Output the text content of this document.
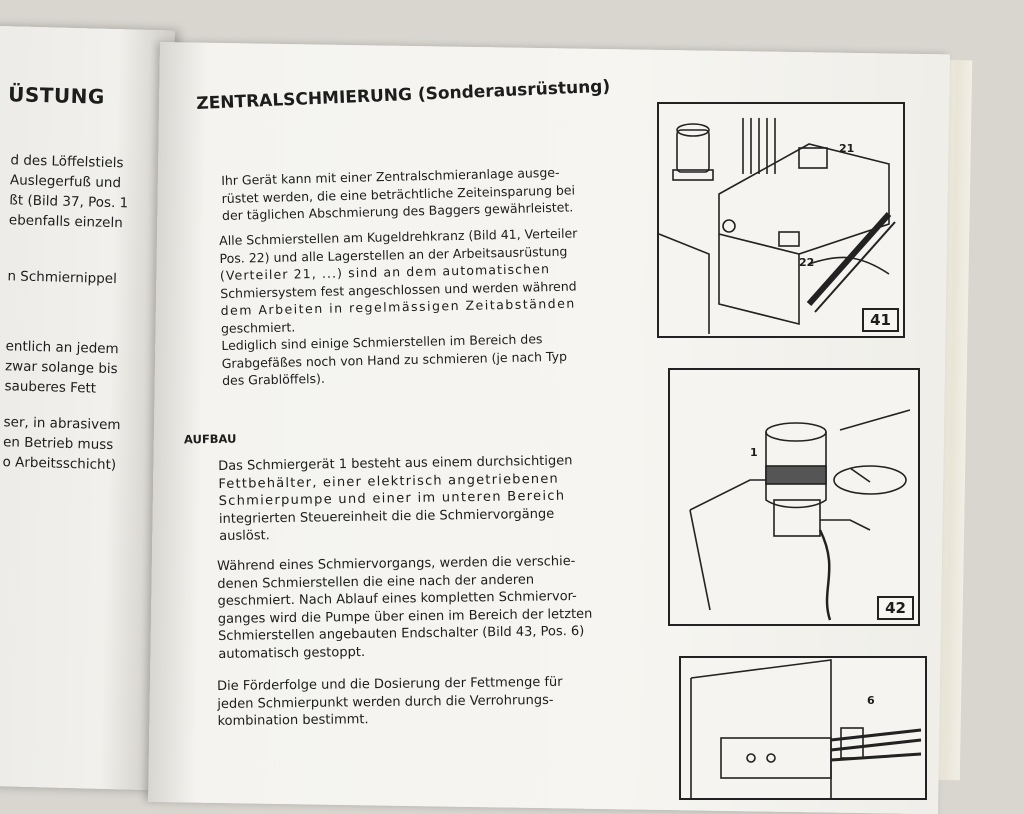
ÜSTUNG
d des Löffelstiels
Auslegerfuß und
ßt (Bild 37, Pos. 1
ebenfalls einzeln
n Schmiernippel
entlich an jedem
zwar solange bis
sauberes Fett
ser, in abrasivem
en Betrieb muss
o Arbeitsschicht)
ZENTRALSCHMIERUNG (Sonderausrüstung)
Ihr Gerät kann mit einer Zentralschmieranlage ausge-
rüstet werden, die eine beträchtliche Zeiteinsparung bei
der täglichen Abschmierung des Baggers gewährleistet.
Alle Schmierstellen am Kugeldrehkranz (Bild 41, Verteiler
Pos. 22) und alle Lagerstellen an der Arbeitsausrüstung
(Verteiler 21, ...) sind an dem automatischen
Schmiersystem fest angeschlossen und werden während
dem Arbeiten in regelmässigen Zeitabständen
geschmiert.
Lediglich sind einige Schmierstellen im Bereich des
Grabgefäßes noch von Hand zu schmieren (je nach Typ
des Grablöffels).
AUFBAU
Das Schmiergerät 1 besteht aus einem durchsichtigen
Fettbehälter, einer elektrisch angetriebenen
Schmierpumpe und einer im unteren Bereich
integrierten Steuereinheit die die Schmiervorgänge
auslöst.
Während eines Schmiervorgangs, werden die verschie-
denen Schmierstellen die eine nach der anderen
geschmiert. Nach Ablauf eines kompletten Schmiervor-
ganges wird die Pumpe über einen im Bereich der letzten
Schmierstellen angebauten Endschalter (Bild 43, Pos. 6)
automatisch gestoppt.
Die Förderfolge und die Dosierung der Fettmenge für
jeden Schmierpunkt werden durch die Verrohrungs-
kombination bestimmt.
21
22
41
1
42
6
